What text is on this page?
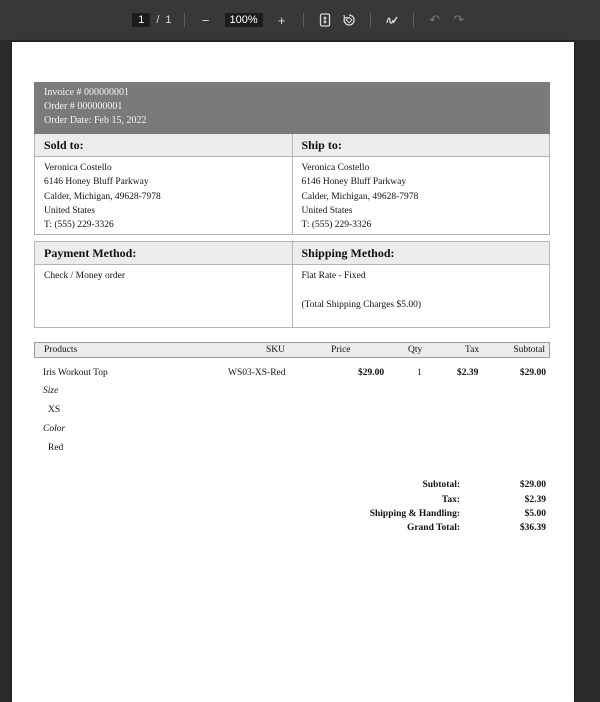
1	/ 1	−	100%	+	↶ ↷
Invoice # 000000001
Order # 000000001
Order Date: Feb 15, 2022
Sold to:
Veronica Costello
6146 Honey Bluff Parkway
Calder, Michigan, 49628-7978
United States
T: (555) 229-3326
Ship to:
Veronica Costello
6146 Honey Bluff Parkway
Calder, Michigan, 49628-7978
United States
T: (555) 229-3326
Payment Method:
Check / Money order
Shipping Method:
Flat Rate - Fixed
(Total Shipping Charges $5.00)
Products	SKU	Price	Qty	Tax	Subtotal
Iris Workout Top	WS03-XS-Red	$29.00	1	$2.39	$29.00
Size
XS
Color
Red
Subtotal:	$29.00
Tax:	$2.39
Shipping & Handling:	$5.00
Grand Total:	$36.39
